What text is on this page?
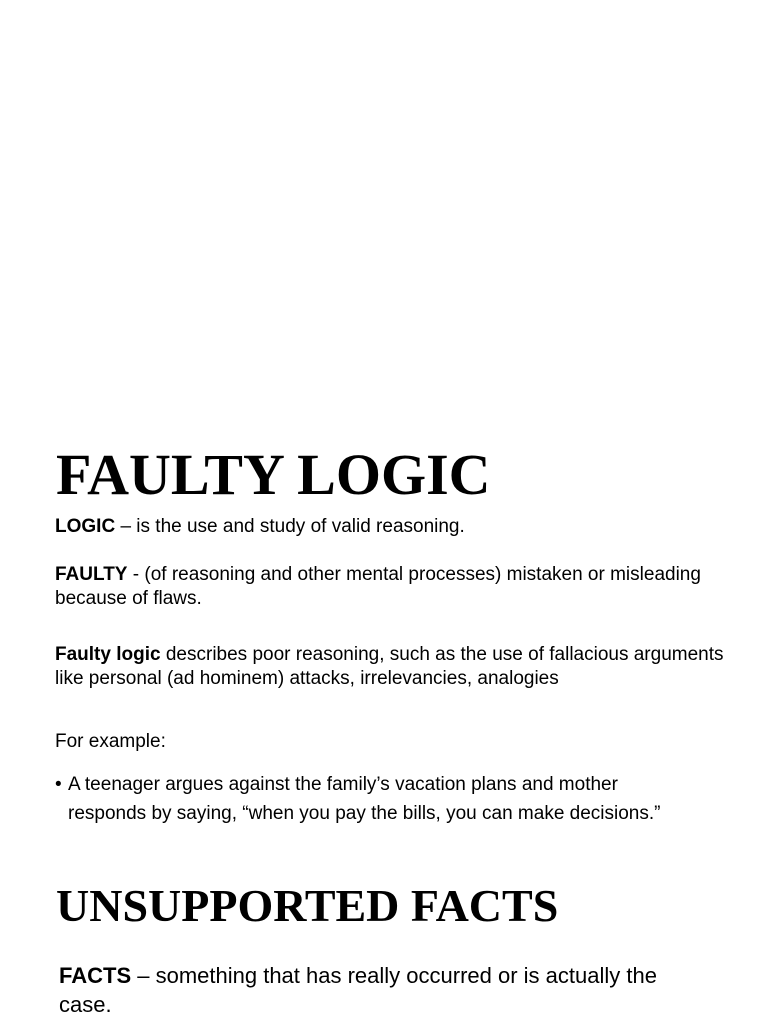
FAULTY LOGIC

LOGIC – is the use and study of valid reasoning.

FAULTY - (of reasoning and other mental processes) mistaken or misleading because of flaws.

Faulty logic describes poor reasoning, such as the use of fallacious arguments like personal (ad hominem) attacks, irrelevancies, analogies

For example:

• A teenager argues against the family’s vacation plans and mother responds by saying, “when you pay the bills, you can make decisions.”
UNSUPPORTED FACTS

FACTS – something that has really occurred or is actually the case.
